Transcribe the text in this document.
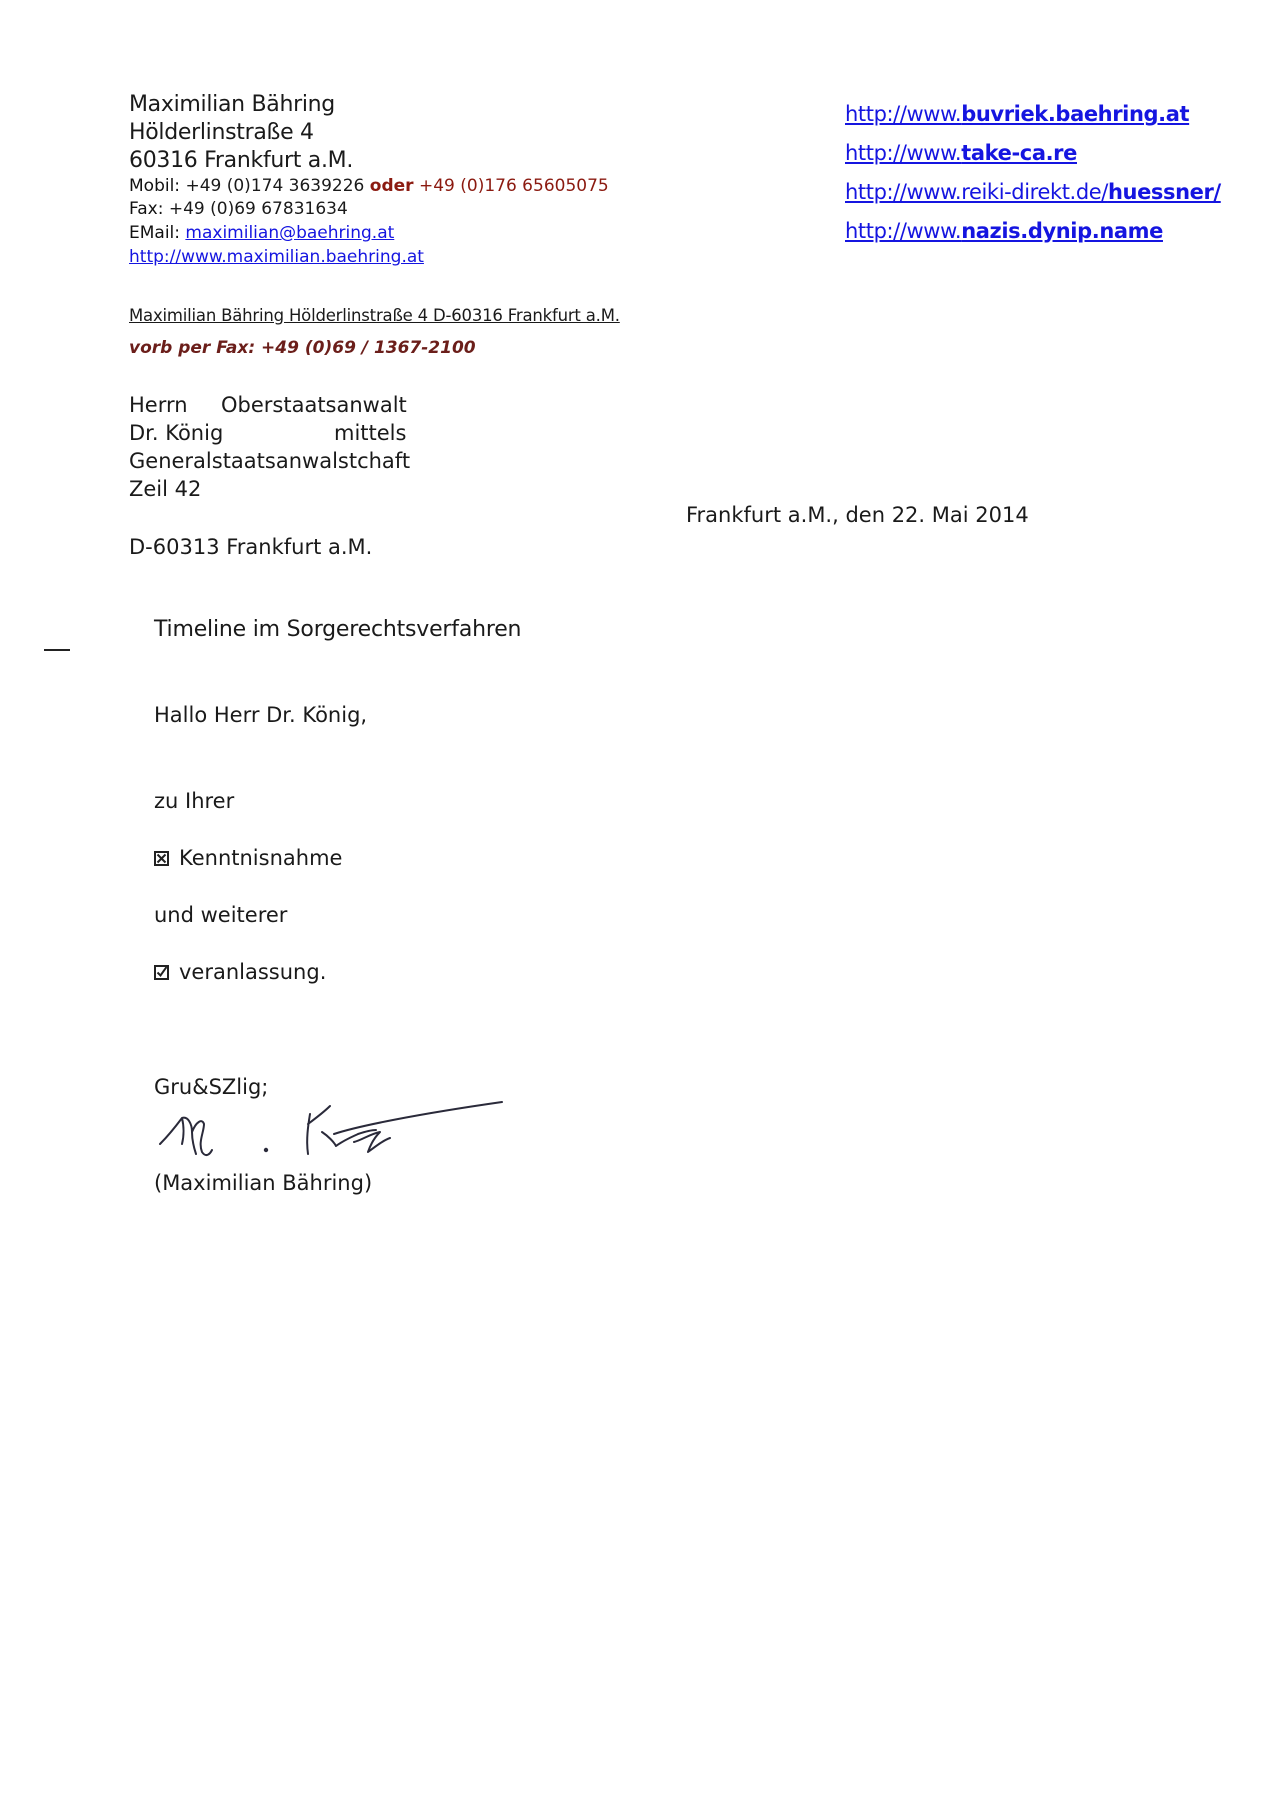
Maximilian Bähring
Hölderlinstraße 4
60316 Frankfurt a.M.
Mobil: +49 (0)174 3639226 oder +49 (0)176 65605075
Fax: +49 (0)69 67831634
EMail: maximilian@baehring.at
http://www.maximilian.baehring.at
http://www.buvriek.baehring.at
http://www.take-ca.re
http://www.reiki-direkt.de/huessner/
http://www.nazis.dynip.name
Maximilian Bähring Hölderlinstraße 4 D-60316 Frankfurt a.M.
vorb per Fax: +49 (0)69 / 1367-2100
Herrn Oberstaatsanwalt
Dr. König	mittels
Generalstaatsanwalstchaft
Zeil 42
D-60313 Frankfurt a.M.
Frankfurt a.M., den 22. Mai 2014
Timeline im Sorgerechtsverfahren
Hallo Herr Dr. König,
zu Ihrer
Kenntnisnahme
und weiterer
veranlassung.
Gru&SZlig;
(Maximilian Bähring)
